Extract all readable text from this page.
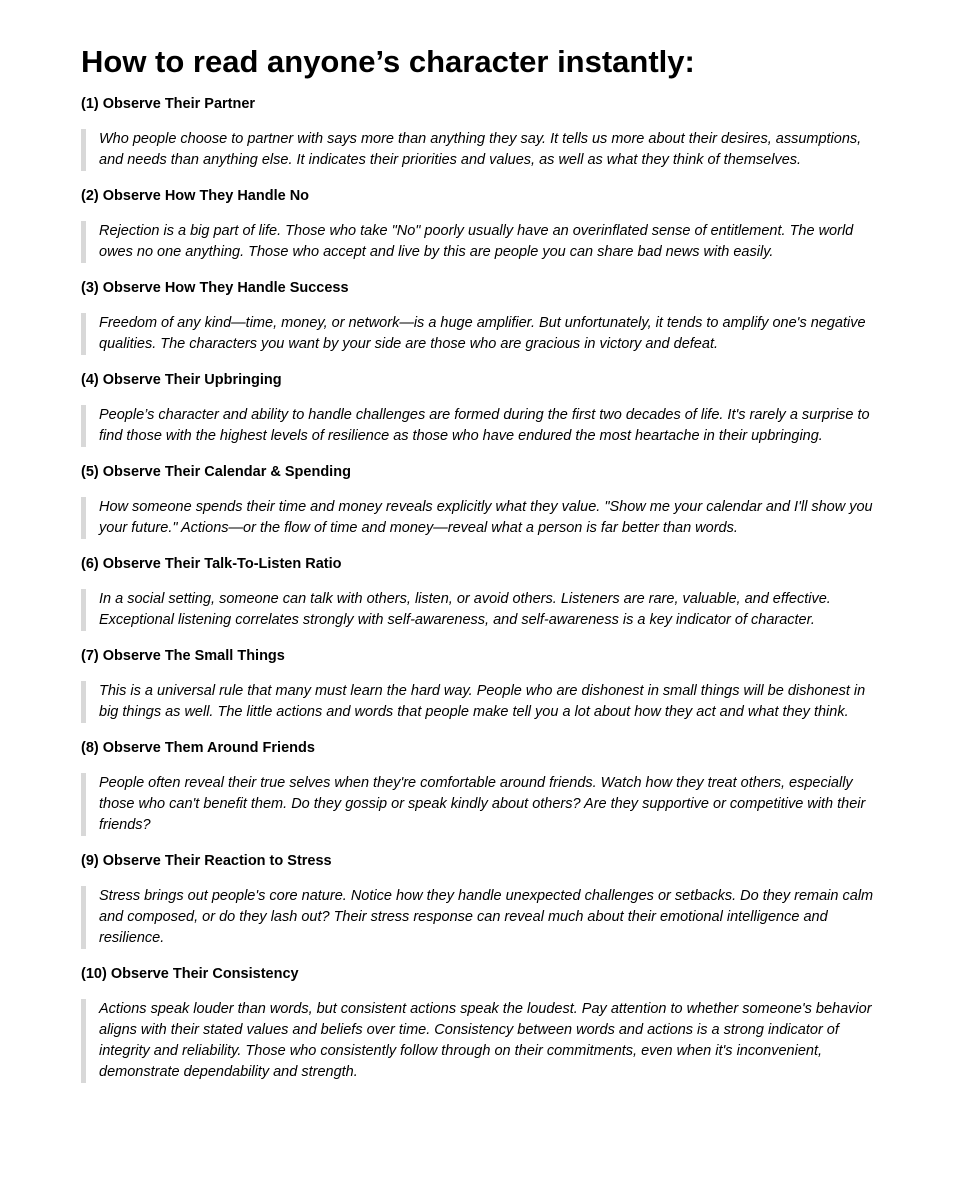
How to read anyone’s character instantly:
(1) Observe Their Partner
Who people choose to partner with says more than anything they say. It tells us more about their desires, assumptions, and needs than anything else. It indicates their priorities and values, as well as what they think of themselves.
(2) Observe How They Handle No
Rejection is a big part of life. Those who take "No" poorly usually have an overinflated sense of entitlement. The world owes no one anything. Those who accept and live by this are people you can share bad news with easily.
(3) Observe How They Handle Success
Freedom of any kind—time, money, or network—is a huge amplifier. But unfortunately, it tends to amplify one's negative qualities. The characters you want by your side are those who are gracious in victory and defeat.
(4) Observe Their Upbringing
People’s character and ability to handle challenges are formed during the first two decades of life. It's rarely a surprise to find those with the highest levels of resilience as those who have endured the most heartache in their upbringing.
(5) Observe Their Calendar & Spending
How someone spends their time and money reveals explicitly what they value. "Show me your calendar and I'll show you your future." Actions—or the flow of time and money—reveal what a person is far better than words.
(6) Observe Their Talk-To-Listen Ratio
In a social setting, someone can talk with others, listen, or avoid others. Listeners are rare, valuable, and effective. Exceptional listening correlates strongly with self-awareness, and self-awareness is a key indicator of character.
(7) Observe The Small Things
This is a universal rule that many must learn the hard way. People who are dishonest in small things will be dishonest in big things as well. The little actions and words that people make tell you a lot about how they act and what they think.
(8) Observe Them Around Friends
People often reveal their true selves when they're comfortable around friends. Watch how they treat others, especially those who can't benefit them. Do they gossip or speak kindly about others? Are they supportive or competitive with their friends?
(9) Observe Their Reaction to Stress
Stress brings out people's core nature. Notice how they handle unexpected challenges or setbacks. Do they remain calm and composed, or do they lash out? Their stress response can reveal much about their emotional intelligence and resilience.
(10) Observe Their Consistency
Actions speak louder than words, but consistent actions speak the loudest. Pay attention to whether someone's behavior aligns with their stated values and beliefs over time. Consistency between words and actions is a strong indicator of integrity and reliability. Those who consistently follow through on their commitments, even when it's inconvenient, demonstrate dependability and strength.
